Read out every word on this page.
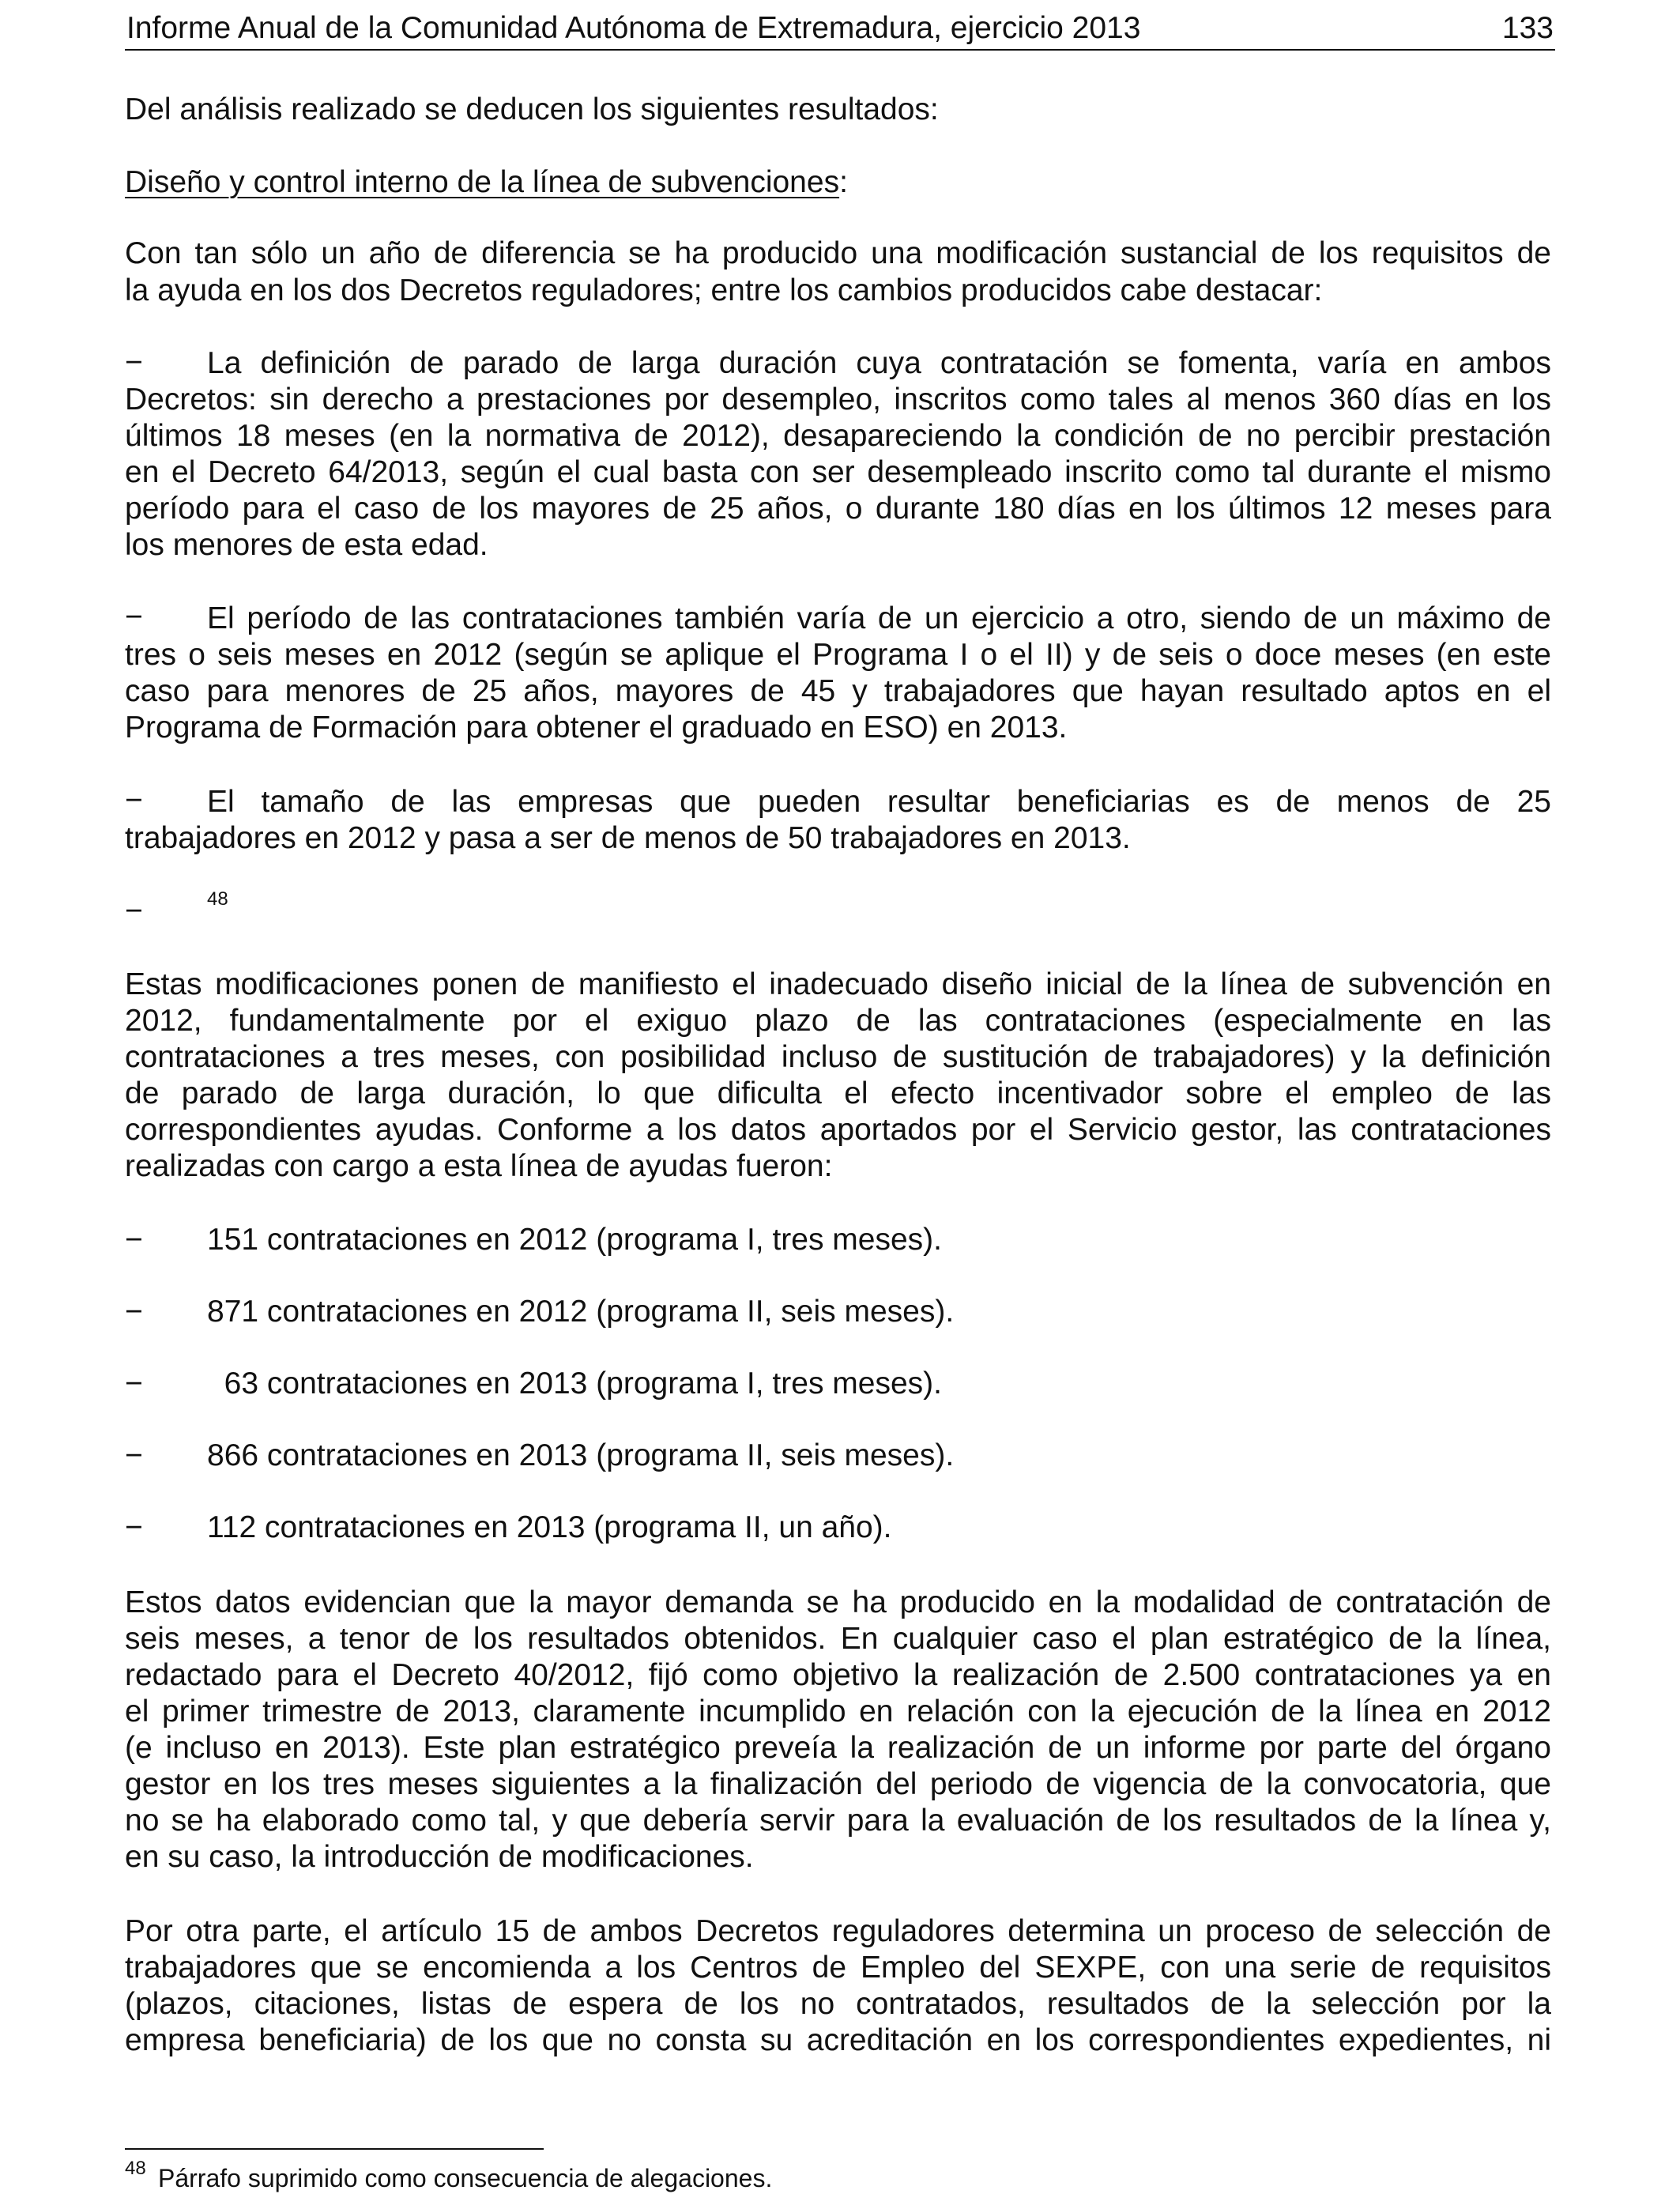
Informe Anual de la Comunidad Autónoma de Extremadura, ejercicio 2013	133
Del análisis realizado se deducen los siguientes resultados:
Diseño y control interno de la línea de subvenciones:
Con tan sólo un año de diferencia se ha producido una modificación sustancial de los requisitos de
la ayuda en los dos Decretos reguladores; entre los cambios producidos cabe destacar:
− La definición de parado de larga duración cuya contratación se fomenta, varía en ambos
Decretos: sin derecho a prestaciones por desempleo, inscritos como tales al menos 360 días en los
últimos 18 meses (en la normativa de 2012), desapareciendo la condición de no percibir prestación
en el Decreto 64/2013, según el cual basta con ser desempleado inscrito como tal durante el mismo
período para el caso de los mayores de 25 años, o durante 180 días en los últimos 12 meses para
los menores de esta edad.
− El período de las contrataciones también varía de un ejercicio a otro, siendo de un máximo de
tres o seis meses en 2012 (según se aplique el Programa I o el II) y de seis o doce meses (en este
caso para menores de 25 años, mayores de 45 y trabajadores que hayan resultado aptos en el
Programa de Formación para obtener el graduado en ESO) en 2013.
− El tamaño de las empresas que pueden resultar beneficiarias es de menos de 25
trabajadores en 2012 y pasa a ser de menos de 50 trabajadores en 2013.
−	48
Estas modificaciones ponen de manifiesto el inadecuado diseño inicial de la línea de subvención en
2012, fundamentalmente por el exiguo plazo de las contrataciones (especialmente en las
contrataciones a tres meses, con posibilidad incluso de sustitución de trabajadores) y la definición
de parado de larga duración, lo que dificulta el efecto incentivador sobre el empleo de las
correspondientes ayudas. Conforme a los datos aportados por el Servicio gestor, las contrataciones
realizadas con cargo a esta línea de ayudas fueron:
− 151 contrataciones en 2012 (programa I, tres meses).
− 871 contrataciones en 2012 (programa II, seis meses).
− 63 contrataciones en 2013 (programa I, tres meses).
− 866 contrataciones en 2013 (programa II, seis meses).
− 112 contrataciones en 2013 (programa II, un año).
Estos datos evidencian que la mayor demanda se ha producido en la modalidad de contratación de
seis meses, a tenor de los resultados obtenidos. En cualquier caso el plan estratégico de la línea,
redactado para el Decreto 40/2012, fijó como objetivo la realización de 2.500 contrataciones ya en
el primer trimestre de 2013, claramente incumplido en relación con la ejecución de la línea en 2012
(e incluso en 2013). Este plan estratégico preveía la realización de un informe por parte del órgano
gestor en los tres meses siguientes a la finalización del periodo de vigencia de la convocatoria, que
no se ha elaborado como tal, y que debería servir para la evaluación de los resultados de la línea y,
en su caso, la introducción de modificaciones.
Por otra parte, el artículo 15 de ambos Decretos reguladores determina un proceso de selección de
trabajadores que se encomienda a los Centros de Empleo del SEXPE, con una serie de requisitos
(plazos, citaciones, listas de espera de los no contratados, resultados de la selección por la
empresa beneficiaria) de los que no consta su acreditación en los correspondientes expedientes, ni
48 Párrafo suprimido como consecuencia de alegaciones.
